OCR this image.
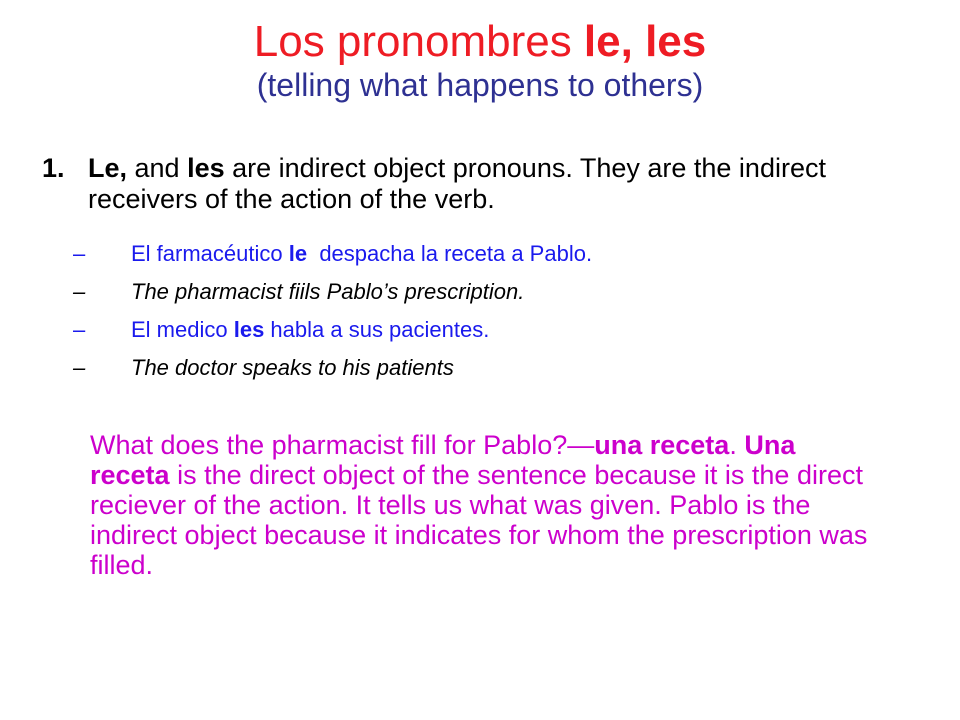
Los pronombres le, les
(telling what happens to others)
1. Le, and les are indirect object pronouns. They are the indirect receivers of the action of the verb.
– El farmacéutico le  despacha la receta a Pablo.
– The pharmacist fiils Pablo’s prescription.
– El medico les habla a sus pacientes.
– The doctor speaks to his patients
What does the pharmacist fill for Pablo?—una receta. Una receta is the direct object of the sentence because it is the direct reciever of the action. It tells us what was given. Pablo is the indirect object because it indicates for whom the prescription was filled.
